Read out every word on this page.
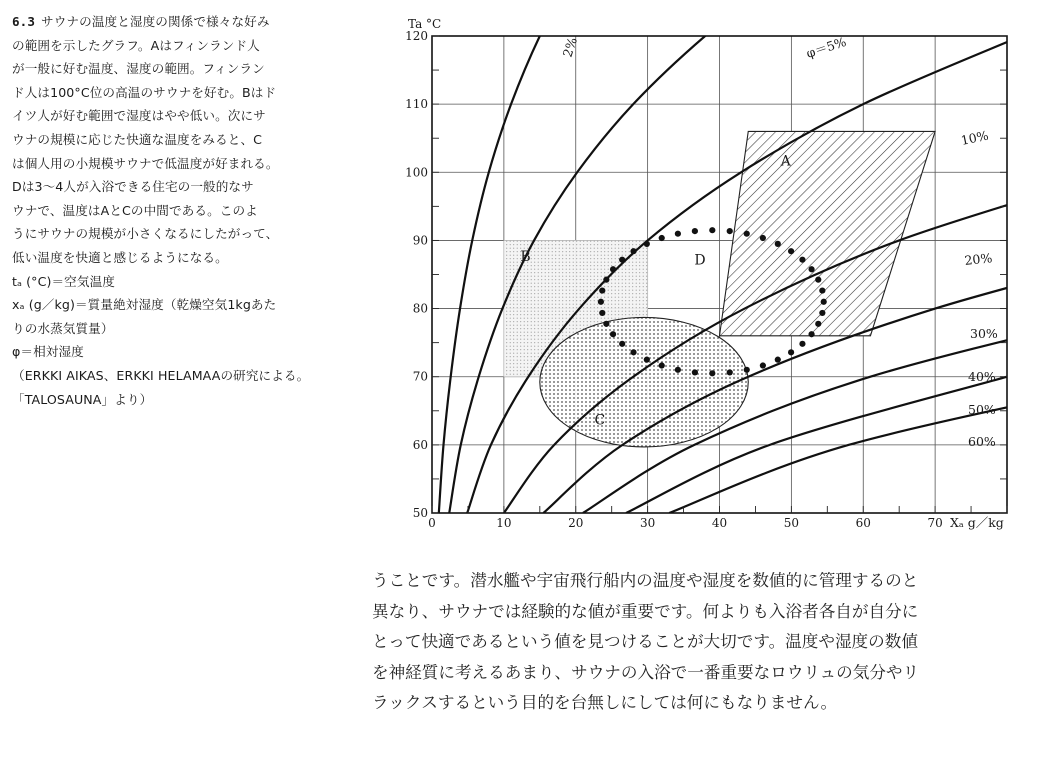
6.3 サウナの温度と湿度の関係で様々な好み
の範囲を示したグラフ。Aはフィンランド人
が一般に好む温度、湿度の範囲。フィンラン
ド人は100°C位の高温のサウナを好む。Bはド
イツ人が好む範囲で湿度はやや低い。次にサ
ウナの規模に応じた快適な温度をみると、C
は個人用の小規模サウナで低温度が好まれる。
Dは3～4人が入浴できる住宅の一般的なサ
ウナで、温度はAとCの中間である。このよ
うにサウナの規模が小さくなるにしたがって、
低い温度を快適と感じるようになる。
tₐ (°C)＝空気温度
xₐ (g／kg)＝質量絶対湿度（乾燥空気1kgあた
りの水蒸気質量）
φ＝相対湿度
（ERKKI AIKAS、ERKKI HELAMAAの研究による。
「TALOSAUNA」より）
0	10	20	30	40	50	60	70
50
60
70
80
90
100
110
120
A
B
C
D
2%	φ＝5%
10%
20%
30%
40%
50%
60%
Ta °C
Xₐ g／kg
うことです。潜水艦や宇宙飛行船内の温度や湿度を数値的に管理するのと
異なり、サウナでは経験的な値が重要です。何よりも入浴者各自が自分に
とって快適であるという値を見つけることが大切です。温度や湿度の数値
を神経質に考えるあまり、サウナの入浴で一番重要なロウリュの気分やリ
ラックスするという目的を台無しにしては何にもなりません。
